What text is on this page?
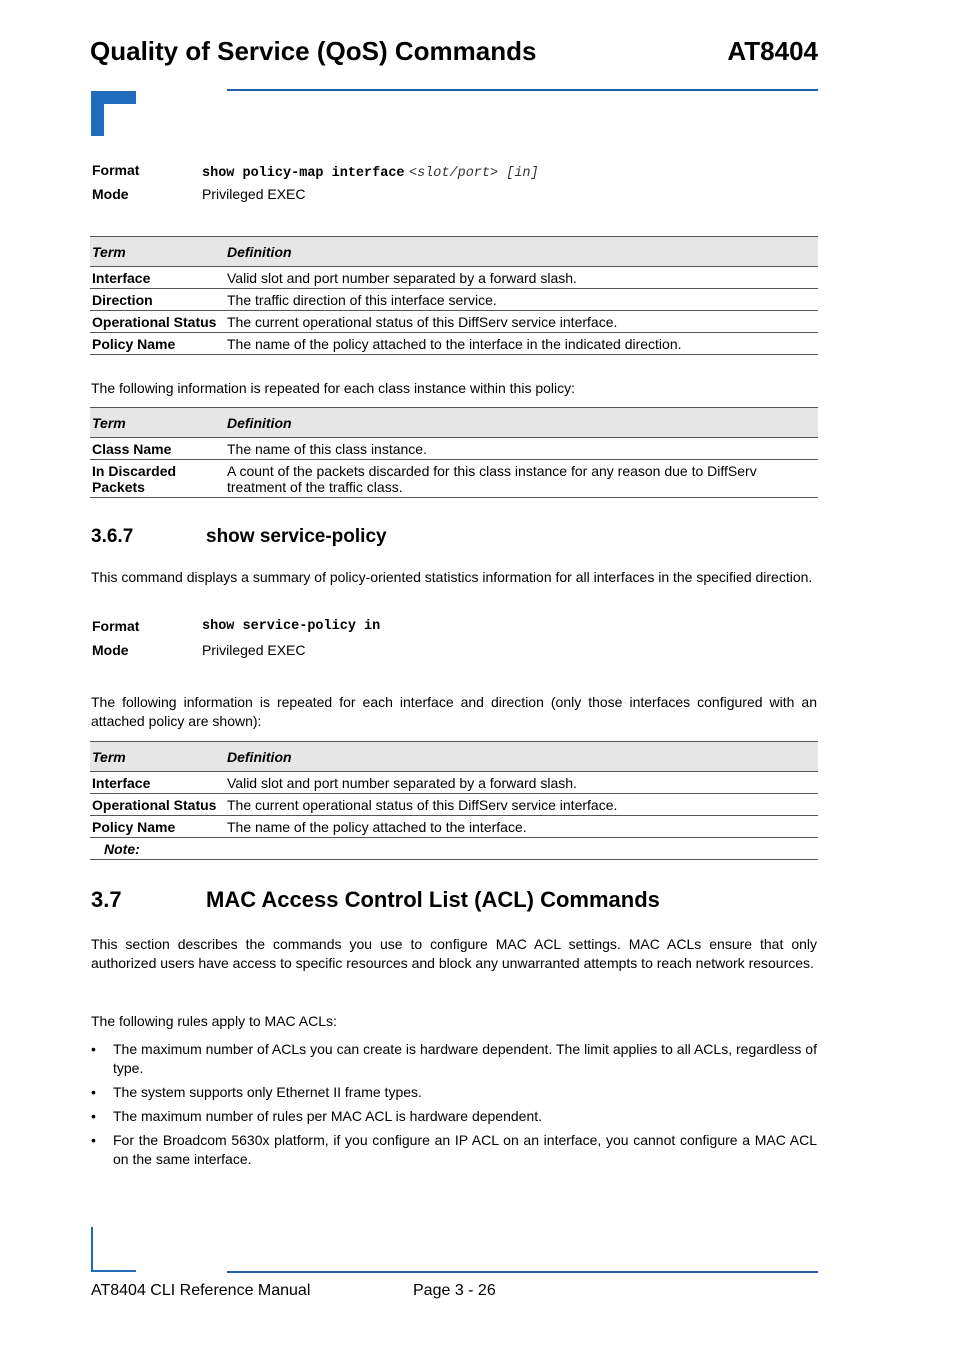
Quality of Service (QoS) Commands	AT8404
Format	show policy-map interface <slot/port> [in]
Mode	Privileged EXEC
Term	Definition
Interface	Valid slot and port number separated by a forward slash.
Direction	The traffic direction of this interface service.
Operational Status	The current operational status of this DiffServ service interface.
Policy Name	The name of the policy attached to the interface in the indicated direction.
The following information is repeated for each class instance within this policy:
Term	Definition
Class Name	The name of this class instance.
In Discarded Packets	A count of the packets discarded for this class instance for any reason due to DiffServ treatment of the traffic class.
3.6.7	show service-policy
This command displays a summary of policy-oriented statistics information for all interfaces in the specified direction.
Format	show service-policy in
Mode	Privileged EXEC
The following information is repeated for each interface and direction (only those interfaces configured with an attached policy are shown):
Term	Definition
Interface	Valid slot and port number separated by a forward slash.
Operational Status	The current operational status of this DiffServ service interface.
Policy Name	The name of the policy attached to the interface.
Note:	
3.7	MAC Access Control List (ACL) Commands
This section describes the commands you use to configure MAC ACL settings. MAC ACLs ensure that only authorized users have access to specific resources and block any unwarranted attempts to reach network resources.
The following rules apply to MAC ACLs:
• The maximum number of ACLs you can create is hardware dependent. The limit applies to all ACLs, regardless of type.
• The system supports only Ethernet II frame types.
• The maximum number of rules per MAC ACL is hardware dependent.
• For the Broadcom 5630x platform, if you configure an IP ACL on an interface, you cannot configure a MAC ACL on the same interface.
AT8404 CLI Reference Manual	Page 3 - 26
